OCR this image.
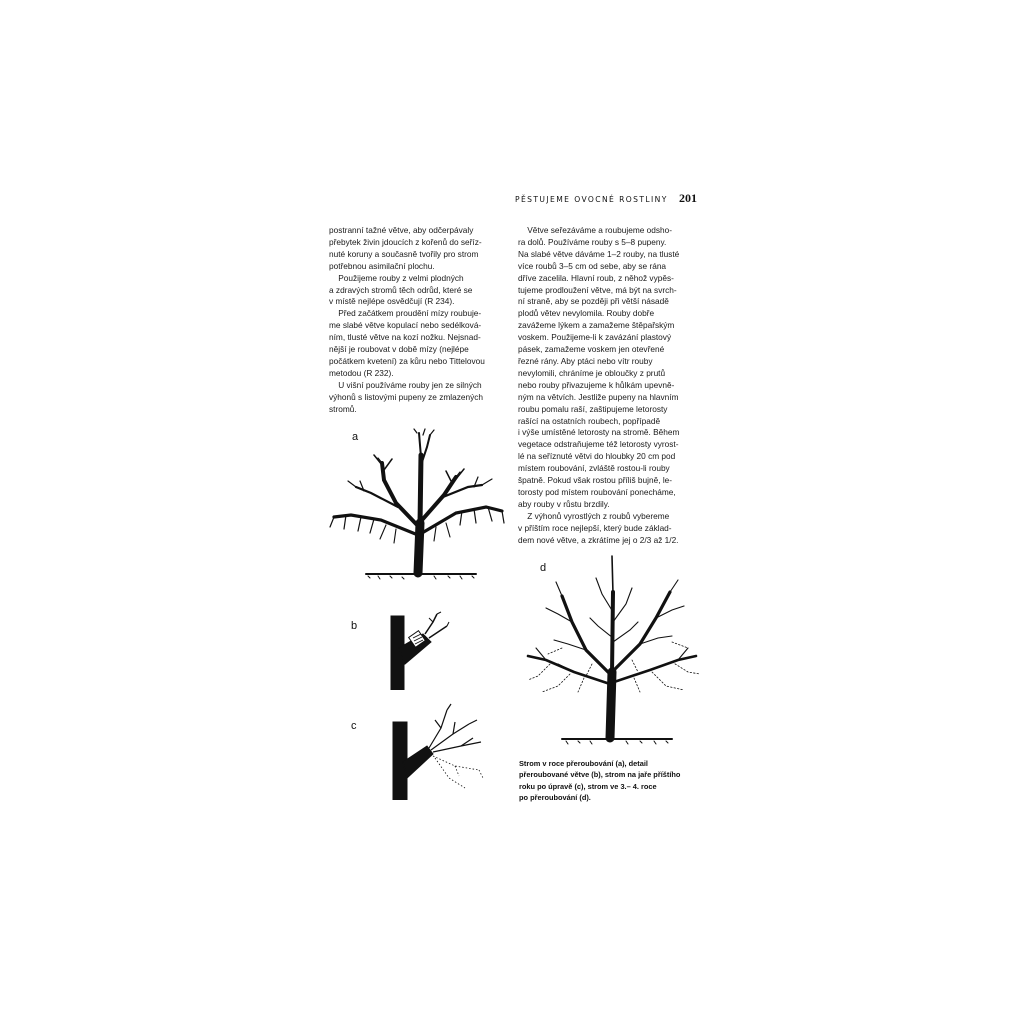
PĚSTUJEME OVOCNÉ ROSTLINY 201

postranní tažné větve, aby odčerpávaly

přebytek živin jdoucích z kořenů do seříz-

nuté koruny a současně tvořily pro strom

potřebnou asimilační plochu.

Použijeme rouby z velmi plodných

a zdravých stromů těch odrůd, které se

v místě nejlépe osvědčují (R 234).

Před začátkem proudění mízy roubuje-

me slabé větve kopulací nebo sedélková-

ním, tlusté větve na kozí nožku. Nejsnad-

nější je roubovat v době mízy (nejlépe

počátkem kvetení) za kůru nebo Tittelovou

metodou (R 232).

U višní používáme rouby jen ze silných

výhonů s listovými pupeny ze zmlazených

stromů.

Větve seřezáváme a roubujeme odsho-

ra dolů. Používáme rouby s 5–8 pupeny.

Na slabé větve dáváme 1–2 rouby, na tlusté

více roubů 3–5 cm od sebe, aby se rána

dříve zacelila. Hlavní roub, z něhož vypěs-

tujeme prodloužení větve, má být na svrch-

ní straně, aby se později při větší násadě

plodů větev nevylomila. Rouby dobře

zavážeme lýkem a zamažeme štěpařským

voskem. Použijeme-li k zavázání plastový

pásek, zamažeme voskem jen otevřené

řezné rány. Aby ptáci nebo vítr rouby

nevylomili, chráníme je obloučky z prutů

nebo rouby přivazujeme k hůlkám upevně-

ným na větvích. Jestliže pupeny na hlavním

roubu pomalu raší, zaštipujeme letorosty

rašící na ostatních roubech, popřípadě

i výše umístěné letorosty na stromě. Během

vegetace odstraňujeme též letorosty vyrost-

lé na seříznuté větvi do hloubky 20 cm pod

místem roubování, zvláště rostou-li rouby

špatně. Pokud však rostou příliš bujně, le-

torosty pod místem roubování ponecháme,

aby rouby v růstu brzdily.

Z výhonů vyrostlých z roubů vybereme

v příštím roce nejlepší, který bude základ-

dem nové větve, a zkrátíme jej o 2/3 až 1/2.

a
b
c
d

Strom v roce přeroubování (a), detail

přeroubované větve (b), strom na jaře příštího

roku po úpravě (c), strom ve 3.– 4. roce

po přeroubování (d).
